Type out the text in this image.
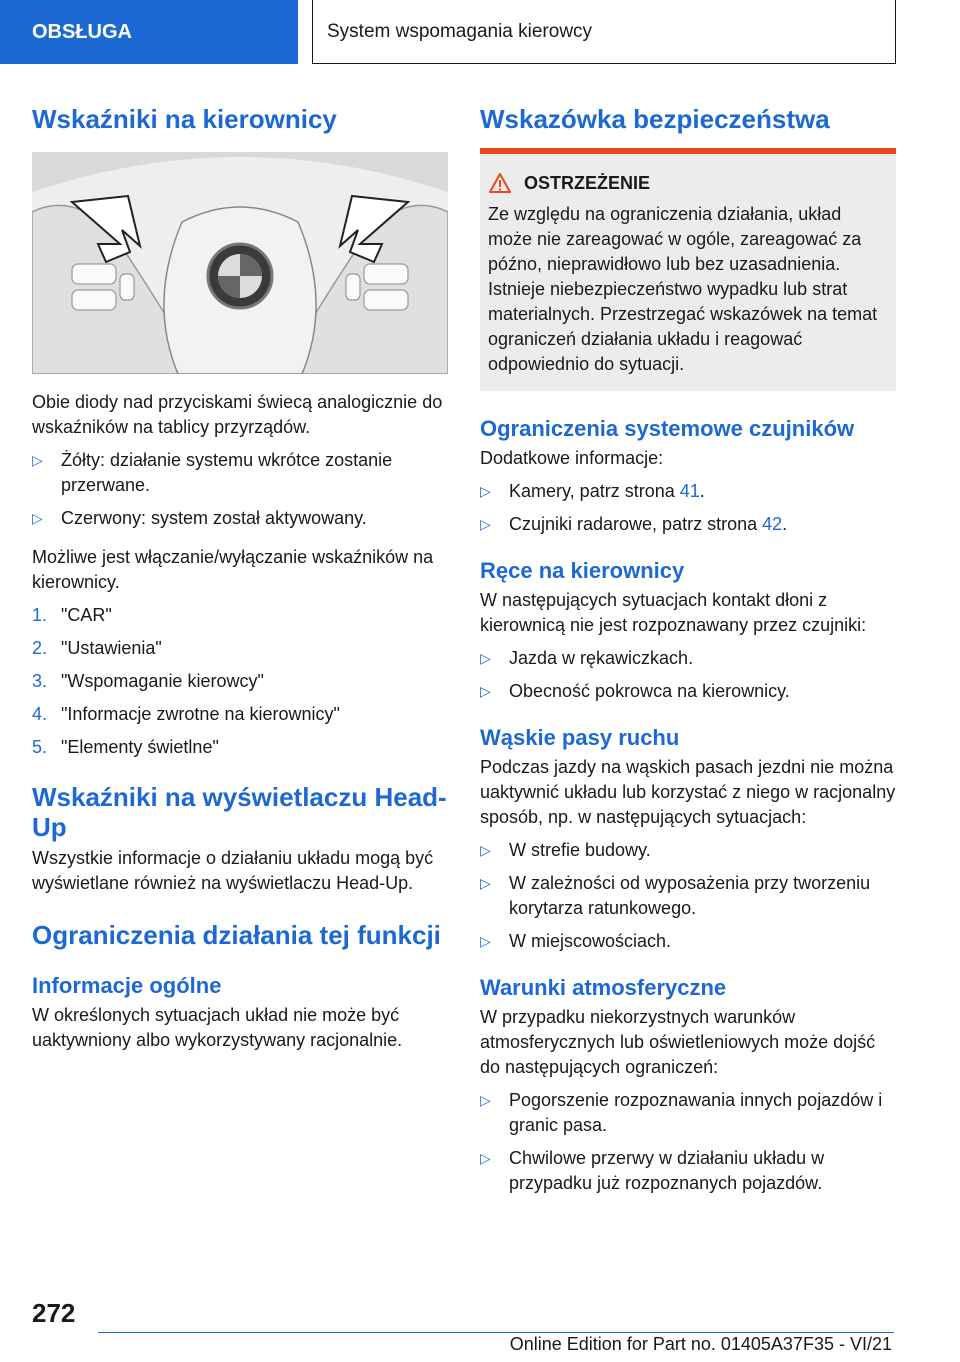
OBSŁUGA	System wspomagania kierowcy
Wskaźniki na kierownicy

Obie diody nad przyciskami świecą analogicznie do wskaźników na tablicy przyrządów.

▷ Żółty: działanie systemu wkrótce zostanie przerwane.
▷ Czerwony: system został aktywowany.

Możliwe jest włączanie/wyłączanie wskaźników na kierownicy.

1. "CAR"
2. "Ustawienia"
3. "Wspomaganie kierowcy"
4. "Informacje zwrotne na kierownicy"
5. "Elementy świetlne"
Wskaźniki na wyświetlaczu Head-Up

Wszystkie informacje o działaniu układu mogą być wyświetlane również na wyświetlaczu Head-Up.

Ograniczenia działania tej funkcji
Informacje ogólne

W określonych sytuacjach układ nie może być uaktywniony albo wykorzystywany racjonalnie.

Wskazówka bezpieczeństwa
OSTRZEŻENIE

Ze względu na ograniczenia działania, układ może nie zareagować w ogóle, zareagować za późno, nieprawidłowo lub bez uzasadnienia. Istnieje niebezpieczeństwo wypadku lub strat materialnych. Przestrzegać wskazówek na temat ograniczeń działania układu i reagować odpowiednio do sytuacji.

Ograniczenia systemowe czujników

Dodatkowe informacje:

▷ Kamery, patrz strona 41.
▷ Czujniki radarowe, patrz strona 42.
Ręce na kierownicy

W następujących sytuacjach kontakt dłoni z kierownicą nie jest rozpoznawany przez czujniki:

▷ Jazda w rękawiczkach.
▷ Obecność pokrowca na kierownicy.
Wąskie pasy ruchu

Podczas jazdy na wąskich pasach jezdni nie można uaktywnić układu lub korzystać z niego w racjonalny sposób, np. w następujących sytuacjach:

▷ W strefie budowy.
▷ W zależności od wyposażenia przy tworzeniu korytarza ratunkowego.
▷ W miejscowościach.
Warunki atmosferyczne

W przypadku niekorzystnych warunków atmosferycznych lub oświetleniowych może dojść do następujących ograniczeń:

▷ Pogorszenie rozpoznawania innych pojazdów i granic pasa.
▷ Chwilowe przerwy w działaniu układu w przypadku już rozpoznanych pojazdów.
272
Online Edition for Part no. 01405A37F35 - VI/21
